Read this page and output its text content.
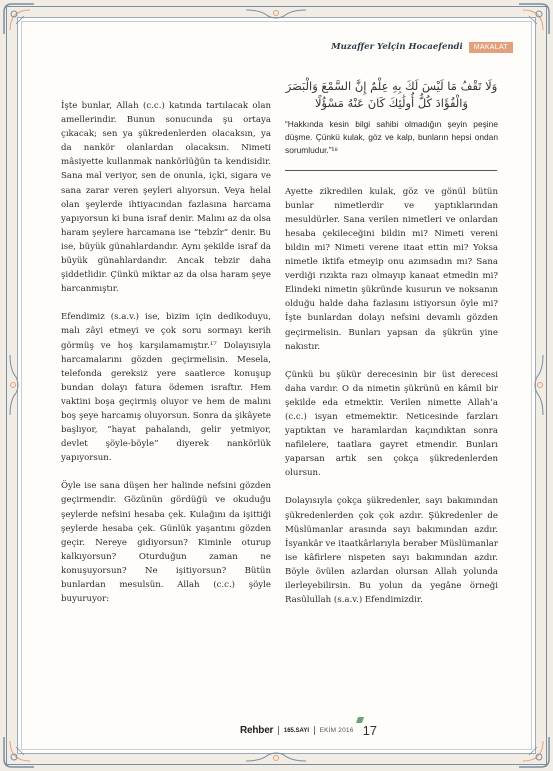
Muzaffer Yelçin Hocaefendi	MAKALAT

İşte bunlar, Allah (c.c.) katında tartılacak olan amellerindir. Bunun sonucunda şu ortaya çıkacak; sen ya şükredenlerden olacaksın, ya da nankör olanlardan olacaksın. Nimeti mâsiyette kullanmak nankörlüğün ta kendisidir. Sana mal veriyor, sen de onunla, içki, sigara ve sana zarar veren şeyleri alıyorsun. Veya helal olan şeylerde ihtiyacından fazlasına harcama yapıyorsun ki buna israf denir. Malını az da olsa haram şeylere harcamana ise “tebzîr” denir. Bu ise, büyük günahlardandır. Aynı şekilde israf da büyük günahlardandır. Ancak tebzir daha şiddetlidir. Çünkü miktar az da olsa haram şeye harcanmıştır.

Efendimiz (s.a.v.) ise, bizim için dedikoduyu, malı zâyi etmeyi ve çok soru sormayı kerih görmüş ve hoş karşılamamıştır.¹⁷ Dolayısıyla harcamalarını gözden geçirmelisin. Mesela, telefonda gereksiz yere saatlerce konuşup bundan dolayı fatura ödemen israftır. Hem vaktini boşa geçirmiş oluyor ve hem de malını boş şeye harcamış oluyorsun. Sonra da şikâyete başlıyor, “hayat pahalandı, gelir yetmiyor, devlet şöyle-böyle” diyerek nankörlük yapıyorsun.

Öyle ise sana düşen her halinde nefsini gözden geçirmendir. Gözünün gördüğü ve okuduğu şeylerde nefsini hesaba çek. Kulağını da işittiği şeylerde hesaba çek. Günlük yaşantını gözden geçir. Nereye gidiyorsun? Kiminle oturup kalkıyorsun? Oturduğun zaman ne konuşuyorsun? Ne işitiyorsun? Bütün bunlardan mesulsün. Allah (c.c.) şöyle buyuruyor:

وَلَا تَقْفُ مَا لَيْسَ لَكَ بِهِ عِلْمٌ إِنَّ السَّمْعَ وَالْبَصَرَ وَالْفُؤَادَ كُلُّ أُولَٰئِكَ كَانَ عَنْهُ مَسْؤُلًا

“Hakkında kesin bilgi sahibi olmadığın şeyin peşine düşme. Çünkü kulak, göz ve kalp, bunların hepsi ondan sorumludur.”¹⁸

Ayette zikredilen kulak, göz ve gönül bütün bunlar nimetlerdir ve yaptıklarından mesuldürler. Sana verilen nimetleri ve onlardan hesaba çekileceğini bildin mi? Nimeti vereni bildin mi? Nimeti verene itaat ettin mi? Yoksa nimetle iktifa etmeyip onu azımsadın mı? Sana verdiği rızıkta razı olmayıp kanaat etmedin mi? Elindeki nimetin şükründe kusurun ve noksanın olduğu halde daha fazlasını istiyorsun öyle mi? İşte bunlardan dolayı nefsini devamlı gözden geçirmelisin. Bunları yapsan da şükrün yine nakıstır.

Çünkü bu şükür derecesinin bir üst derecesi daha vardır. O da nimetin şükrünü en kâmil bir şekilde eda etmektir. Verilen nimette Allah’a (c.c.) isyan etmemektir. Neticesinde farzları yaptıktan ve haramlardan kaçındıktan sonra nafilelere, taatlara gayret etmendir. Bunları yaparsan artık sen çokça şükredenlerden olursun.

Dolayısıyla çokça şükredenler, sayı bakımından şükredenlerden çok çok azdır. Şükredenler de Müslümanlar arasında sayı bakımından azdır. İsyankâr ve itaatkârlarıyla beraber Müslümanlar ise kâfirlere nispeten sayı bakımından azdır. Böyle övülen azlardan olursan Allah yolunda ilerleyebilirsin. Bu yolun da yegâne örneği Rasûlullah (s.a.v.) Efendimizdir.

Rehber 165.SAYI EKİM 2016 17
